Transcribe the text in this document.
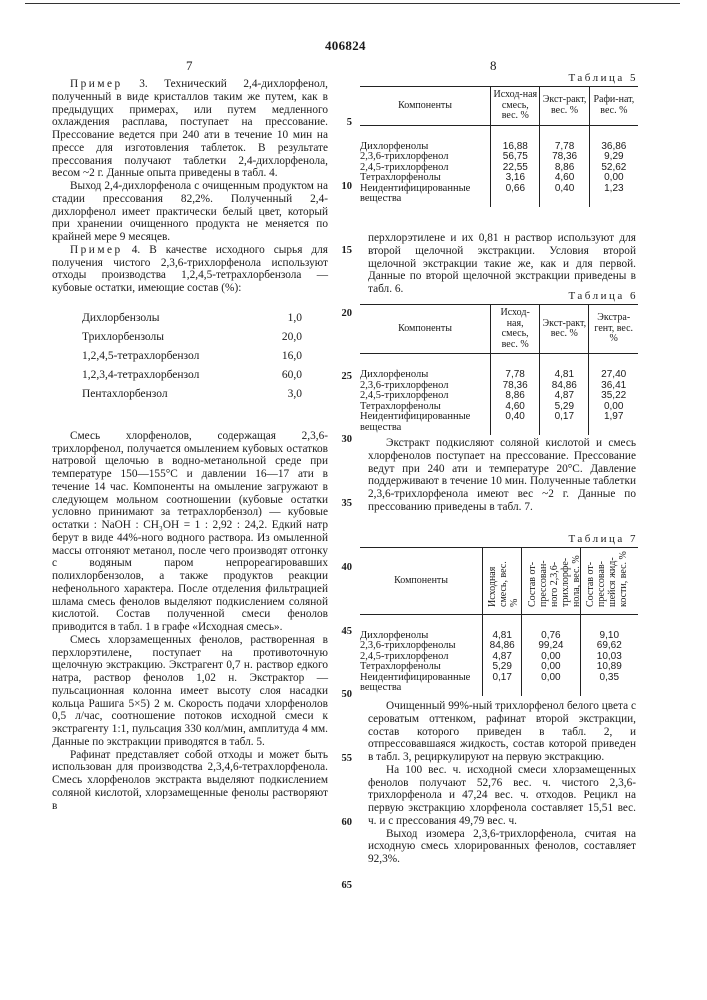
406824
7	8

Пример 3. Технический 2,4-дихлорфенол, полученный в виде кристаллов таким же путем, как в предыдущих примерах, или путем медленного охлаждения расплава, поступает на прессование. Прессование ведется при 240 ати в течение 10 мин на прессе для изготовления таблеток. В результате прессования получают таблетки 2,4-дихлорфенола, весом ~2 г. Данные опыта приведены в табл. 4.

Выход 2,4-дихлорфенола с очищенным продуктом на стадии прессования 82,2%. Полученный 2,4-дихлорфенол имеет практически белый цвет, который при хранении очищенного продукта не меняется по крайней мере 9 месяцев.

Пример 4. В качестве исходного сырья для получения чистого 2,3,6-трихлорфенола используют отходы производства 1,2,4,5-тетрахлорбензола — кубовые остатки, имеющие состав (%):

Дихлорбензолы	1,0
Трихлорбензолы	20,0
1,2,4,5-тетрахлорбензол	16,0
1,2,3,4-тетрахлорбензол	60,0
Пентахлорбензол	3,0

Смесь хлорфенолов, содержащая 2,3,6-трихлорфенол, получается омылением кубовых остатков натровой щелочью в водно-метанольной среде при температуре 150—155°С и давлении 16—17 ати в течение 14 час. Компоненты на омыление загружают в следующем мольном соотношении (кубовые остатки условно принимают за тетрахлорбензол) — кубовые остатки : NaOH : CH₃OH = 1 : 2,92 : 24,2. Едкий натр берут в виде 44%-ного водного раствора. Из омыленной массы отгоняют метанол, после чего производят отгонку с водяным паром непрореагировавших полихлорбензолов, а также продуктов реакции нефенольного характера. После отделения фильтрацией шлама смесь фенолов выделяют подкислением соляной кислотой. Состав полученной смеси фенолов приводится в табл. 1 в графе «Исходная смесь».

Смесь хлорзамещенных фенолов, растворенная в перхлорэтилене, поступает на противоточную щелочную экстракцию. Экстрагент 0,7 н. раствор едкого натра, раствор фенолов 1,02 н. Экстрактор — пульсационная колонна имеет высоту слоя насадки кольца Рашига 5×5) 2 м. Скорость подачи хлорфенолов 0,5 л/час, соотношение потоков исходной смеси к экстрагенту 1:1, пульсация 330 кол/мин, амплитуда 4 мм. Данные по экстракции приводятся в табл. 5.

Рафинат представляет собой отходы и может быть использован для производства 2,3,4,6-тетрахлорфенола. Смесь хлорфенолов экстракта выделяют подкислением соляной кислотой, хлорзамещенные фенолы растворяют в

5
10
15
20
25
30
35
40
45
50
55
60
65
Таблица 5
Компоненты	Исход-ная смесь, вес. %	Экст-ракт, вес. %	Рафи-нат, вес. %
Дихлорфенолы	16,88	7,78	36,86
2,3,6-трихлорфенол	56,75	78,36	9,29
2,4,5-трихлорфенол	22,55	8,86	52,62
Тетрахлорфенолы	3,16	4,60	0,00
Неидентифицированные вещества	0,66	0,40	1,23

перхлорэтилене и их 0,81 н раствор используют для второй щелочной экстракции. Условия второй щелочной экстракции такие же, как и для первой. Данные по второй щелочной экстракции приведены в табл. 6.

Таблица 6
Компоненты	Исход-ная, смесь, вес. %	Экст-ракт, вес. %	Экстра-гент, вес. %
Дихлорфенолы	7,78	4,81	27,40
2,3,6-трихлорфенол	78,36	84,86	36,41
2,4,5-трихлорфенол	8,86	4,87	35,22
Тетрахлорфенолы	4,60	5,29	0,00
Неидентифицированные вещества	0,40	0,17	1,97

Экстракт подкисляют соляной кислотой и смесь хлорфенолов поступает на прессование. Прессование ведут при 240 ати и температуре 20°С. Давление поддерживают в течение 10 мин. Полученные таблетки 2,3,6-трихлорфенола имеют вес ~2 г. Данные по прессованию приведены в табл. 7.

Таблица 7
Компоненты	Исходная смесь, вес. %	Состав от-прессован-ного 2,3,6-трихлорфе-нола, вес. %	Состав от-прессовав-шейся жид-кости, вес. %
Дихлорфенолы	4,81	0,76	9,10
2,3,6-трихлорфенолы	84,86	99,24	69,62
2,4,5-трихлорфенол	4,87	0,00	10,03
Тетрахлорфенолы	5,29	0,00	10,89
Неидентифицированные вещества	0,17	0,00	0,35

Очищенный 99%-ный трихлорфенол белого цвета с сероватым оттенком, рафинат второй экстракции, состав которого приведен в табл. 2, и отпрессовавшаяся жидкость, состав которой приведен в табл. 3, рециркулируют на первую экстракцию.

На 100 вес. ч. исходной смеси хлорзамещенных фенолов получают 52,76 вес. ч. чистого 2,3,6-трихлорфенола и 47,24 вес. ч. отходов. Рецикл на первую экстракцию хлорфенола составляет 15,51 вес. ч. и с прессования 49,79 вес. ч.

Выход изомера 2,3,6-трихлорфенола, считая на исходную смесь хлорированных фенолов, составляет 92,3%.
